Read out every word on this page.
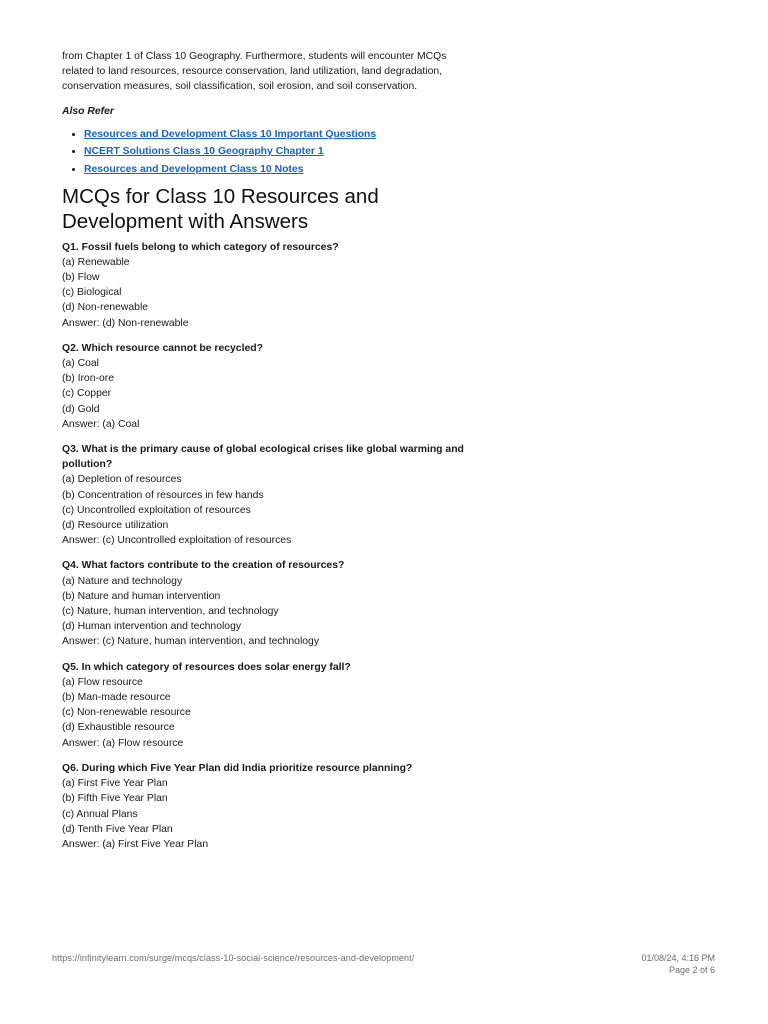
from Chapter 1 of Class 10 Geography. Furthermore, students will encounter MCQs
related to land resources, resource conservation, land utilization, land degradation,
conservation measures, soil classification, soil erosion, and soil conservation.

Also Refer

• Resources and Development Class 10 Important Questions
• NCERT Solutions Class 10 Geography Chapter 1
• Resources and Development Class 10 Notes
MCQs for Class 10 Resources and
Development with Answers

Q1. Fossil fuels belong to which category of resources?

(a) Renewable

(b) Flow

(c) Biological

(d) Non-renewable

Answer: (d) Non-renewable

Q2. Which resource cannot be recycled?

(a) Coal

(b) Iron-ore

(c) Copper

(d) Gold

Answer: (a) Coal

Q3. What is the primary cause of global ecological crises like global warming and
pollution?

(a) Depletion of resources

(b) Concentration of resources in few hands

(c) Uncontrolled exploitation of resources

(d) Resource utilization

Answer: (c) Uncontrolled exploitation of resources

Q4. What factors contribute to the creation of resources?

(a) Nature and technology

(b) Nature and human intervention

(c) Nature, human intervention, and technology

(d) Human intervention and technology

Answer: (c) Nature, human intervention, and technology

Q5. In which category of resources does solar energy fall?

(a) Flow resource

(b) Man-made resource

(c) Non-renewable resource

(d) Exhaustible resource

Answer: (a) Flow resource

Q6. During which Five Year Plan did India prioritize resource planning?

(a) First Five Year Plan

(b) Fifth Five Year Plan

(c) Annual Plans

(d) Tenth Five Year Plan

Answer: (a) First Five Year Plan

https://infinitylearn.com/surge/mcqs/class-10-social-science/resources-and-development/	01/08/24, 4:16 PM
Page 2 of 6
